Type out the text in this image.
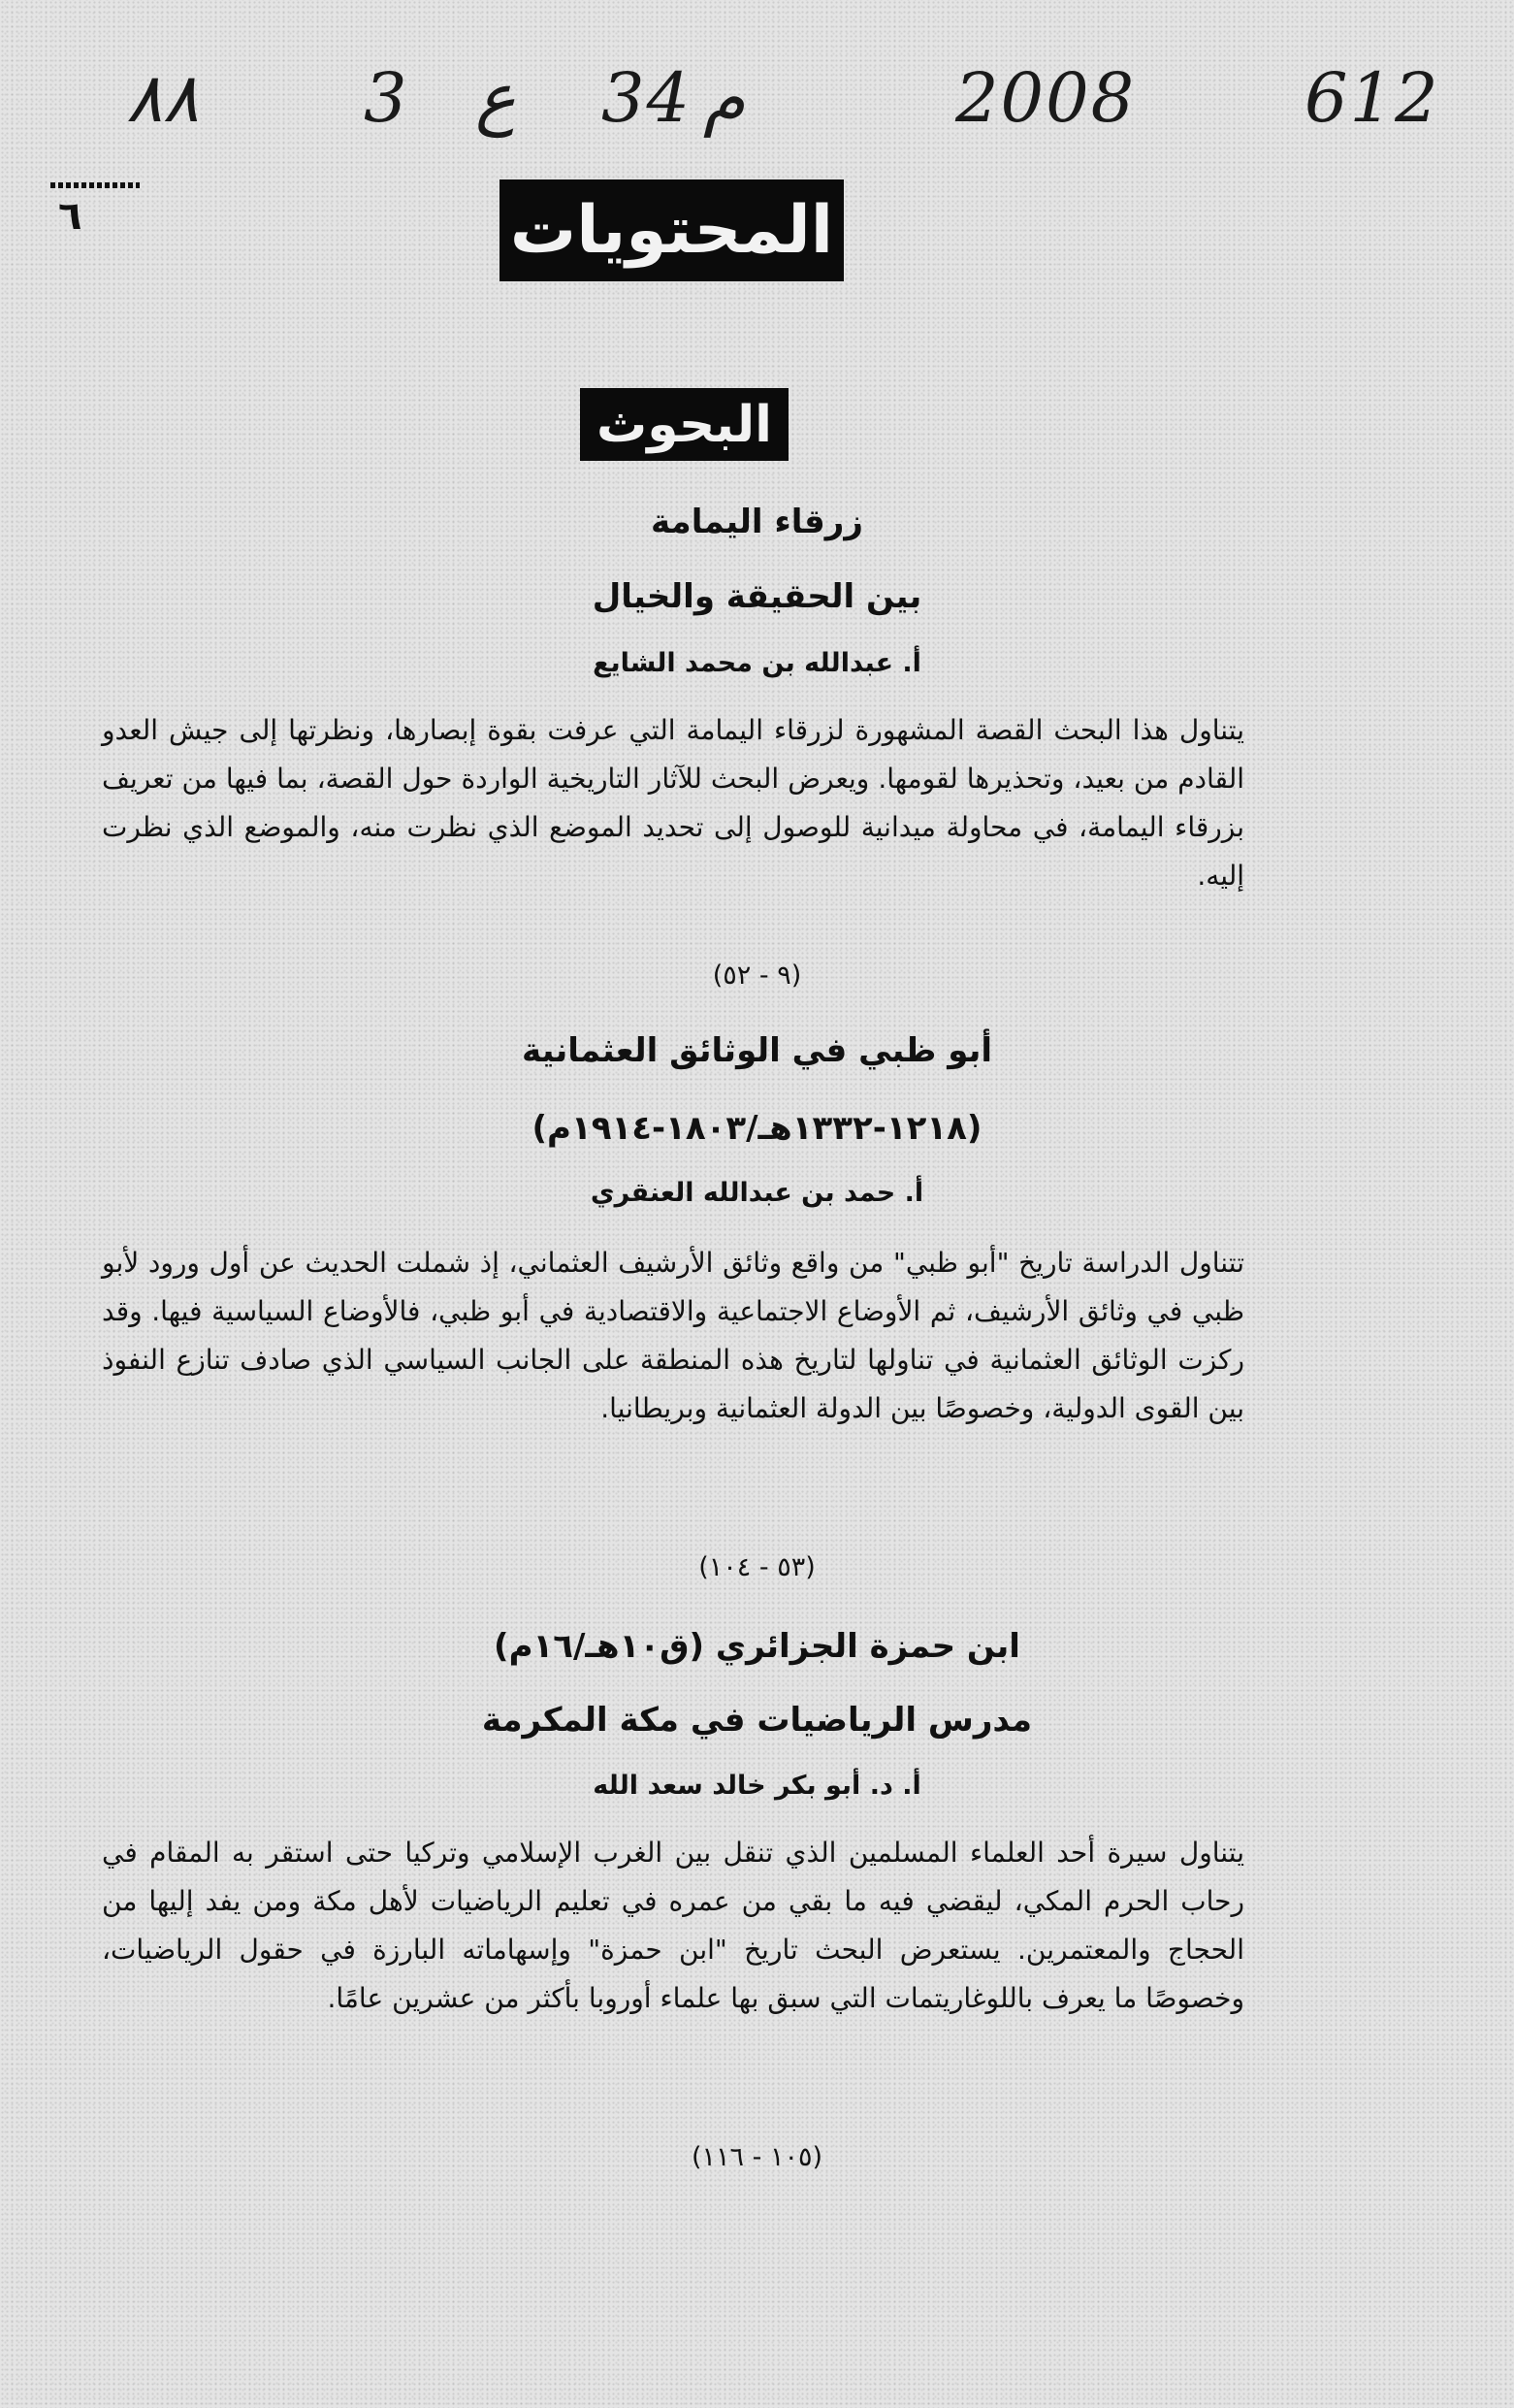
٨٨ 3 ع 34 م	2008 612
٦	المحتويات
البحوث
زرقاء اليمامة
بين الحقيقة والخيال
أ. عبدالله بن محمد الشايع
يتناول هذا البحث القصة المشهورة لزرقاء اليمامة التي عرفت بقوة إبصارها، ونظرتها إلى جيش العدو القادم من بعيد، وتحذيرها لقومها. ويعرض البحث للآثار التاريخية الواردة حول القصة، بما فيها من تعريف بزرقاء اليمامة، في محاولة ميدانية للوصول إلى تحديد الموضع الذي نظرت منه، والموضع الذي نظرت إليه.
(٩ - ٥٢)
أبو ظبي في الوثائق العثمانية
(١٢١٨-١٣٣٢هـ/١٨٠٣-١٩١٤م)
أ. حمد بن عبدالله العنقري
تتناول الدراسة تاريخ "أبو ظبي" من واقع وثائق الأرشيف العثماني، إذ شملت الحديث عن أول ورود لأبو ظبي في وثائق الأرشيف، ثم الأوضاع الاجتماعية والاقتصادية في أبو ظبي، فالأوضاع السياسية فيها. وقد ركزت الوثائق العثمانية في تناولها لتاريخ هذه المنطقة على الجانب السياسي الذي صادف تنازع النفوذ بين القوى الدولية، وخصوصًا بين الدولة العثمانية وبريطانيا.
(٥٣ - ١٠٤)
ابن حمزة الجزائري (ق١٠هـ/١٦م)
مدرس الرياضيات في مكة المكرمة
أ. د. أبو بكر خالد سعد الله
يتناول سيرة أحد العلماء المسلمين الذي تنقل بين الغرب الإسلامي وتركيا حتى استقر به المقام في رحاب الحرم المكي، ليقضي فيه ما بقي من عمره في تعليم الرياضيات لأهل مكة ومن يفد إليها من الحجاج والمعتمرين. يستعرض البحث تاريخ "ابن حمزة" وإسهاماته البارزة في حقول الرياضيات، وخصوصًا ما يعرف باللوغاريتمات التي سبق بها علماء أوروبا بأكثر من عشرين عامًا.
(١٠٥ - ١١٦)
